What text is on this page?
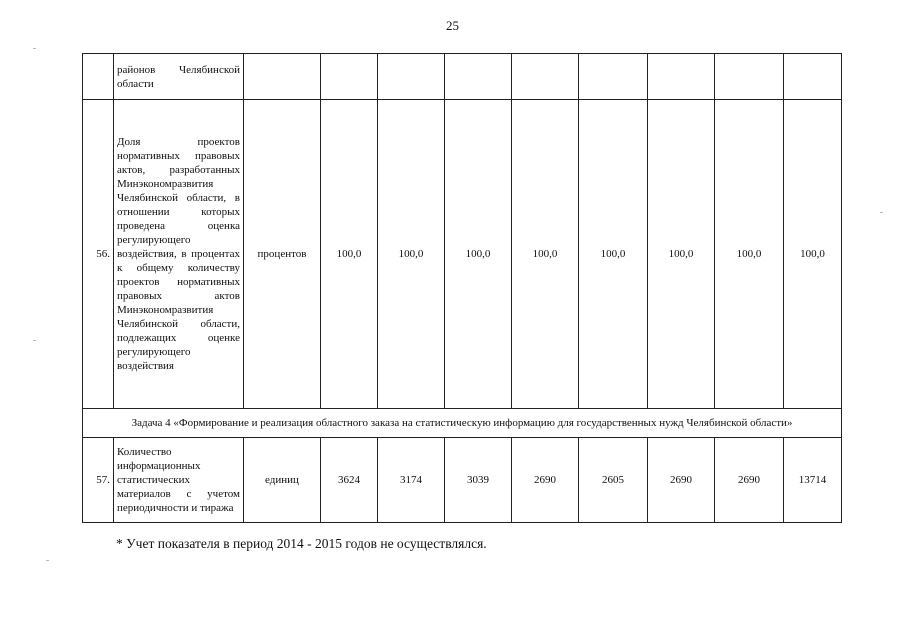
25
	районов Челябинской области									
56.	Доля проектов нормативных правовых актов, разработанных Минэкономразвития Челябинской области, в отношении которых проведена оценка регулирующего воздействия, в процентах к общему количеству проектов нормативных правовых актов Минэкономразвития Челябинской области, подлежащих оценке регулирующего воздействия	процентов	100,0	100,0	100,0	100,0	100,0	100,0	100,0	100,0
Задача 4 «Формирование и реализация областного заказа на статистическую информацию для государственных нужд Челябинской области»										
57.	Количество информационных статистических материалов с учетом периодичности и тиража	единиц	3624	3174	3039	2690	2605	2690	2690	13714
* Учет показателя в период 2014 - 2015 годов не осуществлялся.
